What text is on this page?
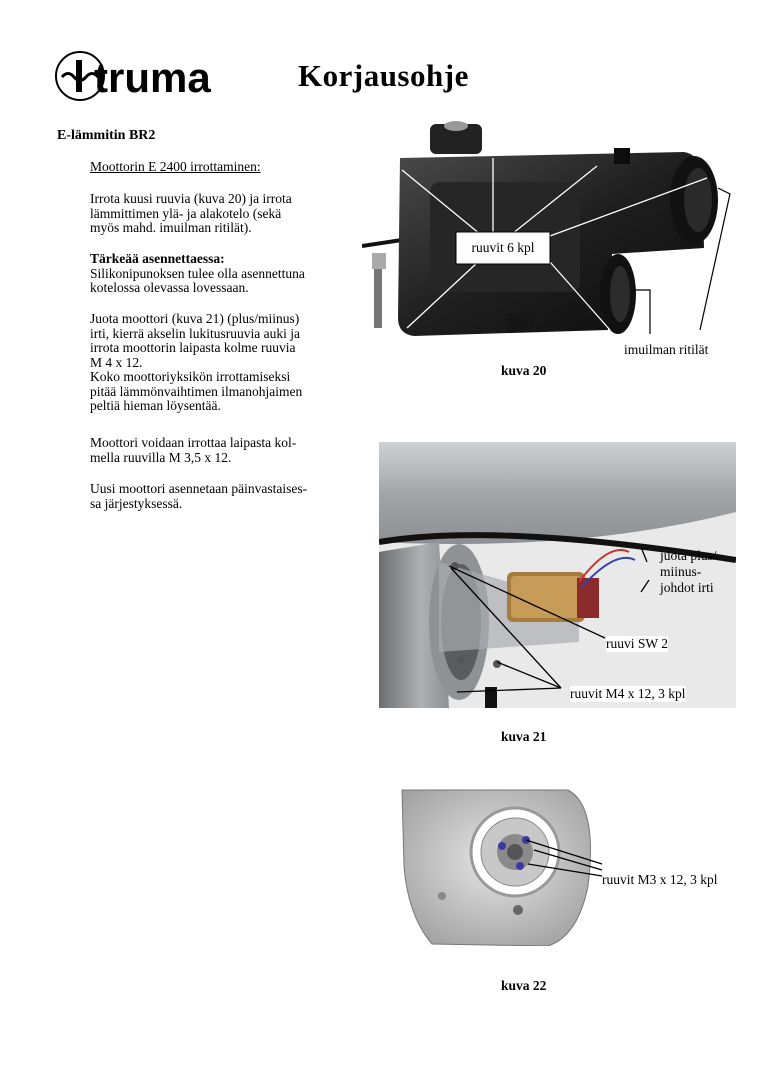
truma	Korjausohje
E-lämmitin BR2
Moottorin E 2400 irrottaminen:
Irrota kuusi ruuvia (kuva 20) ja irrota
lämmittimen ylä- ja alakotelo (sekä
myös mahd. imuilman ritilät).
Tärkeää asennettaessa:
Silikonipunoksen tulee olla asennettuna
kotelossa olevassa lovessaan.
Juota moottori (kuva 21) (plus/miinus)
irti, kierrä akselin lukitusruuvia auki ja
irrota moottorin laipasta kolme ruuvia
M 4 x 12.
Koko moottoriyksikön irrottamiseksi
pitää lämmönvaihtimen ilmanohjaimen
peltiä hieman löysentää.
Moottori voidaan irrottaa laipasta kol-
mella ruuvilla M 3,5 x 12.
Uusi moottori asennetaan päinvastaises-
sa järjestyksessä.
ruuvit 6 kpl
imuilman ritilät
kuva 20
juota plus/
miinus-
johdot irti
ruuvi SW 2
ruuvit M4 x 12, 3 kpl
kuva 21
ruuvit M3 x 12, 3 kpl
kuva 22
